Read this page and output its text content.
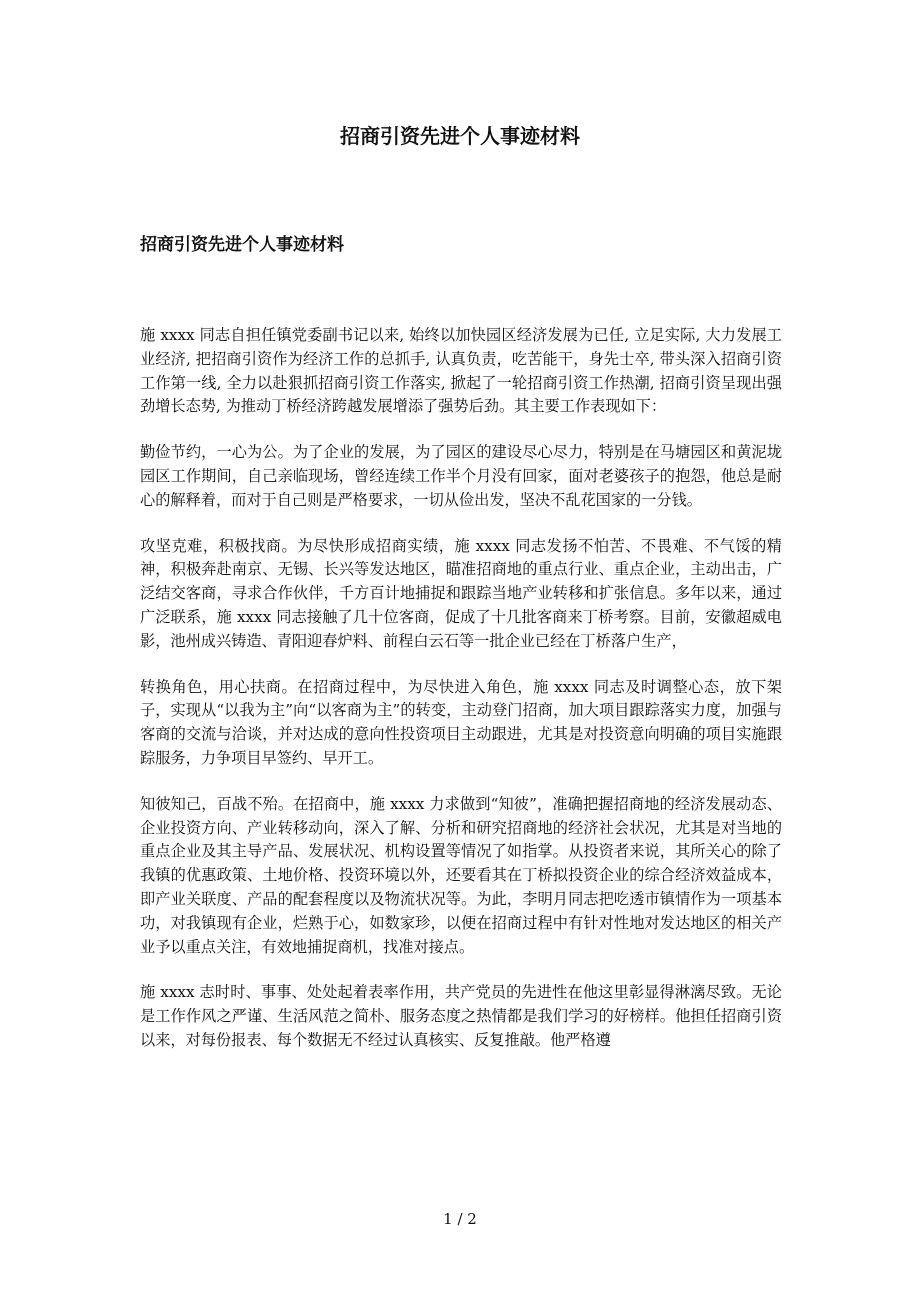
招商引资先进个人事迹材料
招商引资先进个人事迹材料

施 xxxx 同志自担任镇党委副书记以来, 始终以加快园区经济发展为已任, 立足实际, 大力发展工业经济, 把招商引资作为经济工作的总抓手, 认真负责，吃苦能干，身先士卒, 带头深入招商引资工作第一线, 全力以赴狠抓招商引资工作落实, 掀起了一轮招商引资工作热潮, 招商引资呈现出强劲增长态势, 为推动丁桥经济跨越发展增添了强势后劲。其主要工作表现如下：

勤俭节约，一心为公。为了企业的发展，为了园区的建设尽心尽力，特别是在马塘园区和黄泥垅园区工作期间，自己亲临现场，曾经连续工作半个月没有回家，面对老婆孩子的抱怨，他总是耐心的解释着，而对于自己则是严格要求，一切从俭出发，坚决不乱花国家的一分钱。

攻坚克难，积极找商。为尽快形成招商实绩，施 xxxx 同志发扬不怕苦、不畏难、不气馁的精神，积极奔赴南京、无锡、长兴等发达地区，瞄准招商地的重点行业、重点企业，主动出击，广泛结交客商，寻求合作伙伴，千方百计地捕捉和跟踪当地产业转移和扩张信息。多年以来，通过广泛联系，施 xxxx 同志接触了几十位客商，促成了十几批客商来丁桥考察。目前，安徽超威电影，池州成兴铸造、青阳迎春炉料、前程白云石等一批企业已经在丁桥落户生产，

转换角色，用心扶商。在招商过程中，为尽快进入角色，施 xxxx 同志及时调整心态，放下架子，实现从“以我为主”向“以客商为主”的转变，主动登门招商，加大项目跟踪落实力度，加强与客商的交流与洽谈，并对达成的意向性投资项目主动跟进，尤其是对投资意向明确的项目实施跟踪服务，力争项目早签约、早开工。

知彼知己，百战不殆。在招商中，施 xxxx 力求做到“知彼”，准确把握招商地的经济发展动态、企业投资方向、产业转移动向，深入了解、分析和研究招商地的经济社会状况，尤其是对当地的重点企业及其主导产品、发展状况、机构设置等情况了如指掌。从投资者来说，其所关心的除了我镇的优惠政策、土地价格、投资环境以外，还要看其在丁桥拟投资企业的综合经济效益成本，即产业关联度、产品的配套程度以及物流状况等。为此，李明月同志把吃透市镇情作为一项基本功，对我镇现有企业，烂熟于心，如数家珍，以便在招商过程中有针对性地对发达地区的相关产业予以重点关注，有效地捕捉商机，找准对接点。

施 xxxx 志时时、事事、处处起着表率作用，共产党员的先进性在他这里彰显得淋漓尽致。无论是工作作风之严谨、生活风范之简朴、服务态度之热情都是我们学习的好榜样。他担任招商引资以来，对每份报表、每个数据无不经过认真核实、反复推敲。他严格遵

1 / 2
